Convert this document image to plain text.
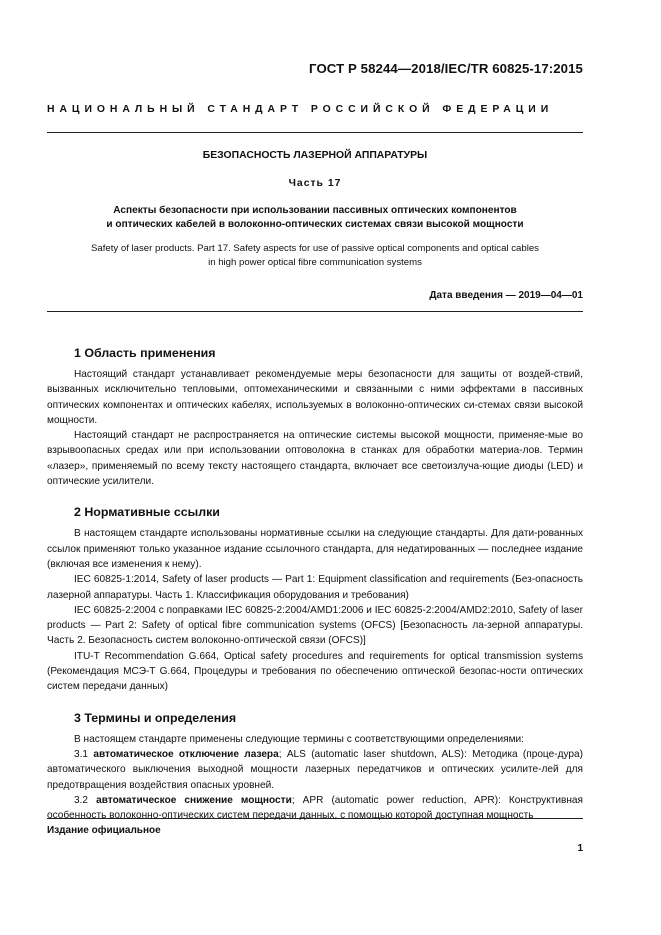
ГОСТ Р 58244—2018/IEC/TR 60825-17:2015
НАЦИОНАЛЬНЫЙ СТАНДАРТ РОССИЙСКОЙ ФЕДЕРАЦИИ
БЕЗОПАСНОСТЬ ЛАЗЕРНОЙ АППАРАТУРЫ
Часть 17
Аспекты безопасности при использовании пассивных оптических компонентов
и оптических кабелей в волоконно-оптических системах связи высокой мощности
Safety of laser products. Part 17. Safety aspects for use of passive optical components and optical cables
in high power optical fibre communication systems
Дата введения — 2019—04—01
1 Область применения

Настоящий стандарт устанавливает рекомендуемые меры безопасности для защиты от воздей-ствий, вызванных исключительно тепловыми, оптомеханическими и связанными с ними эффектами в пассивных оптических компонентах и оптических кабелях, используемых в волоконно-оптических си-стемах связи высокой мощности.

Настоящий стандарт не распространяется на оптические системы высокой мощности, применяе-мые во взрывоопасных средах или при использовании оптоволокна в станках для обработки материа-лов. Термин «лазер», применяемый по всему тексту настоящего стандарта, включает все светоизлуча-ющие диоды (LED) и оптические усилители.

2 Нормативные ссылки

В настоящем стандарте использованы нормативные ссылки на следующие стандарты. Для дати-рованных ссылок применяют только указанное издание ссылочного стандарта, для недатированных — последнее издание (включая все изменения к нему).

IEC 60825-1:2014, Safety of laser products — Part 1: Equipment classification and requirements (Без-опасность лазерной аппаратуры. Часть 1. Классификация оборудования и требования)

IEC 60825-2:2004 с поправками IEC 60825-2:2004/AMD1:2006 и IEC 60825-2:2004/AMD2:2010, Safety of laser products — Part 2: Safety of optical fibre communication systems (OFCS) [Безопасность ла-зерной аппаратуры. Часть 2. Безопасность систем волоконно-оптической связи (OFCS)]

ITU-T Recommendation G.664, Optical safety procedures and requirements for optical transmission systems (Рекомендация МСЭ-Т G.664, Процедуры и требования по обеспечению оптической безопас-ности оптических систем передачи данных)

3 Термины и определения

В настоящем стандарте применены следующие термины с соответствующими определениями:

3.1 автоматическое отключение лазера; ALS (automatic laser shutdown, ALS): Методика (проце-дура) автоматического выключения выходной мощности лазерных передатчиков и оптических усилите-лей для предотвращения воздействия опасных уровней.

3.2 автоматическое снижение мощности; APR (automatic power reduction, APR): Конструктивная особенность волоконно-оптических систем передачи данных, с помощью которой доступная мощность

Издание официальное
1
